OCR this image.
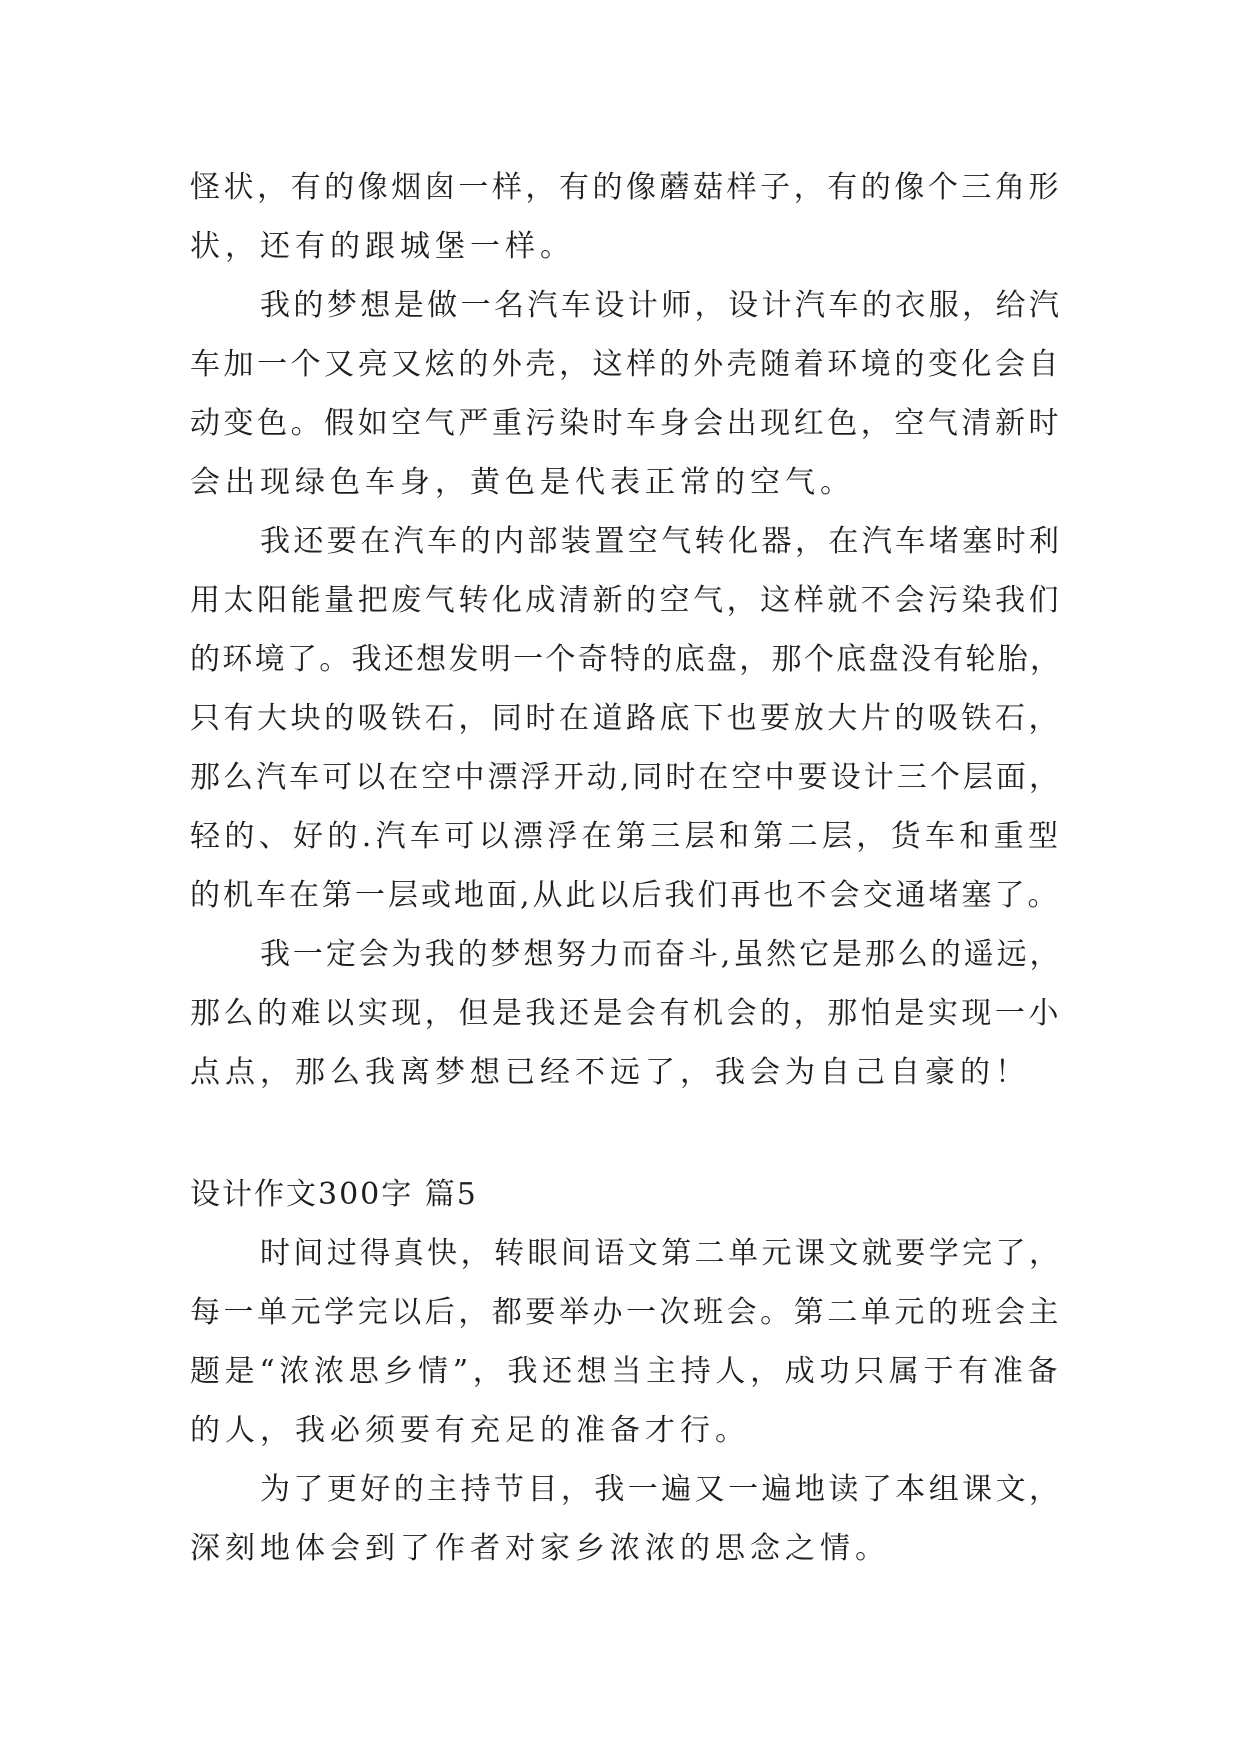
怪状，有的像烟囱一样，有的像蘑菇样子，有的像个三角形
状，还有的跟城堡一样。
我的梦想是做一名汽车设计师，设计汽车的衣服，给汽
车加一个又亮又炫的外壳，这样的外壳随着环境的变化会自
动变色。假如空气严重污染时车身会出现红色，空气清新时
会出现绿色车身，黄色是代表正常的空气。
我还要在汽车的内部装置空气转化器，在汽车堵塞时利
用太阳能量把废气转化成清新的空气，这样就不会污染我们
的环境了。我还想发明一个奇特的底盘，那个底盘没有轮胎，
只有大块的吸铁石，同时在道路底下也要放大片的吸铁石，
那么汽车可以在空中漂浮开动,同时在空中要设计三个层面，
轻的、好的.汽车可以漂浮在第三层和第二层，货车和重型
的机车在第一层或地面,从此以后我们再也不会交通堵塞了。
我一定会为我的梦想努力而奋斗,虽然它是那么的遥远，
那么的难以实现，但是我还是会有机会的，那怕是实现一小
点点，那么我离梦想已经不远了，我会为自己自豪的！
设计作文300字 篇5
时间过得真快，转眼间语文第二单元课文就要学完了，
每一单元学完以后，都要举办一次班会。第二单元的班会主
题是“浓浓思乡情”，我还想当主持人，成功只属于有准备
的人，我必须要有充足的准备才行。
为了更好的主持节目，我一遍又一遍地读了本组课文，
深刻地体会到了作者对家乡浓浓的思念之情。
